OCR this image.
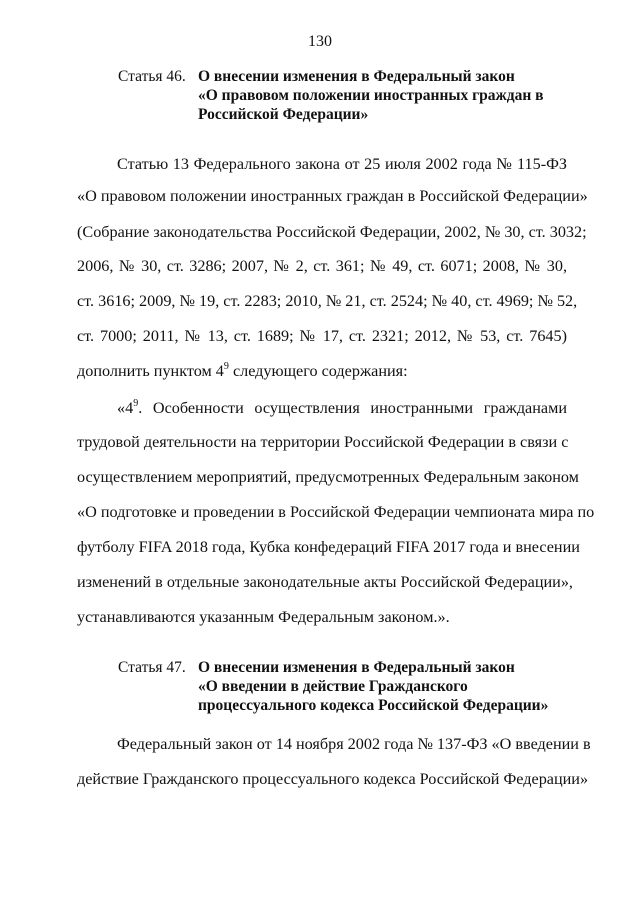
130
Статья 46. О внесении изменения в Федеральный закон
«О правовом положении иностранных граждан в
Российской Федерации»
Статью 13 Федерального закона от 25 июля 2002 года № 115-ФЗ
«О правовом положении иностранных граждан в Российской Федерации»
(Собрание законодательства Российской Федерации, 2002, № 30, ст. 3032;
2006, № 30, ст. 3286; 2007, № 2, ст. 361; № 49, ст. 6071; 2008, № 30,
ст. 3616; 2009, № 19, ст. 2283; 2010, № 21, ст. 2524; № 40, ст. 4969; № 52,
ст. 7000; 2011, № 13, ст. 1689; № 17, ст. 2321; 2012, № 53, ст. 7645)
дополнить пунктом $4^9$ следующего содержания:
«$4^9$. Особенности осуществления иностранными гражданами
трудовой деятельности на территории Российской Федерации в связи с
осуществлением мероприятий, предусмотренных Федеральным законом
«О подготовке и проведении в Российской Федерации чемпионата мира по
футболу FIFA 2018 года, Кубка конфедераций FIFA 2017 года и внесении
изменений в отдельные законодательные акты Российской Федерации»,
устанавливаются указанным Федеральным законом.».
Статья 47. О внесении изменения в Федеральный закон
«О введении в действие Гражданского
процессуального кодекса Российской Федерации»
Федеральный закон от 14 ноября 2002 года № 137-ФЗ «О введении в
действие Гражданского процессуального кодекса Российской Федерации»
